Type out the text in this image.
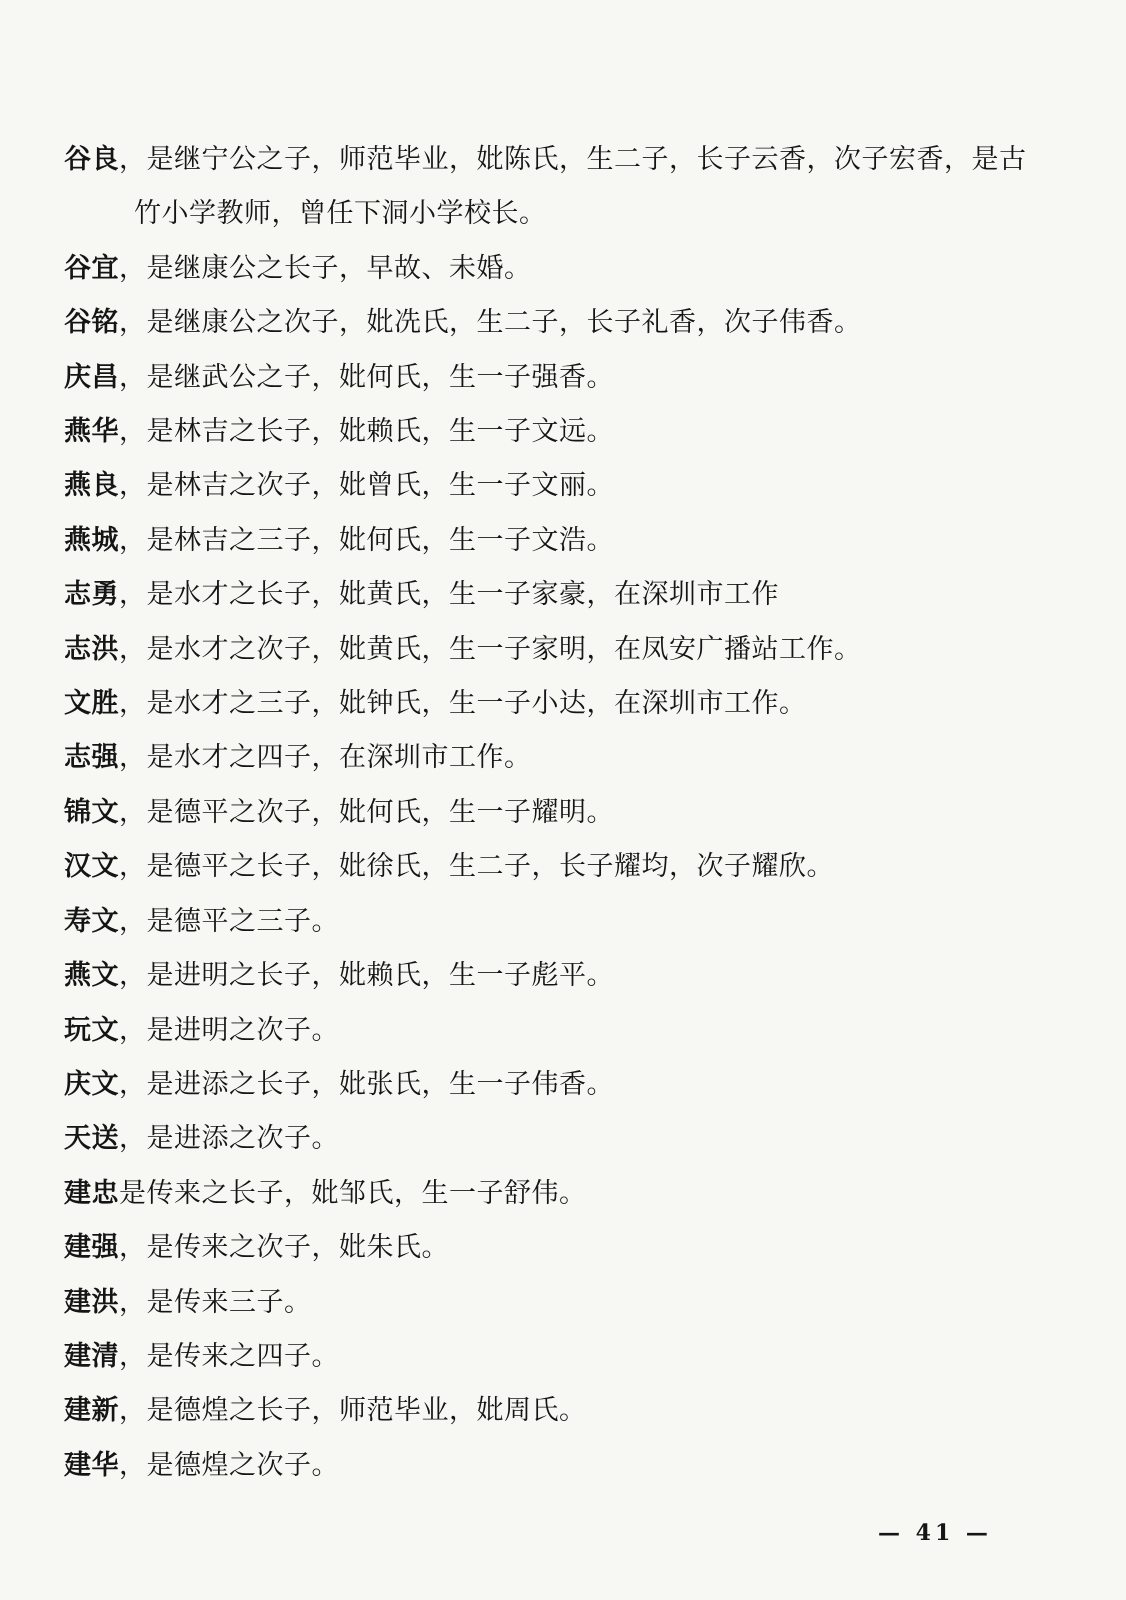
谷良，是继宁公之子，师范毕业，妣陈氏，生二子，长子云香，次子宏香，是古
竹小学教师，曾任下洞小学校长。
谷宜，是继康公之长子，早故、未婚。
谷铭，是继康公之次子，妣冼氏，生二子，长子礼香，次子伟香。
庆昌，是继武公之子，妣何氏，生一子强香。
燕华，是林吉之长子，妣赖氏，生一子文远。
燕良，是林吉之次子，妣曾氏，生一子文丽。
燕城，是林吉之三子，妣何氏，生一子文浩。
志勇，是水才之长子，妣黄氏，生一子家豪，在深圳市工作
志洪，是水才之次子，妣黄氏，生一子家明，在凤安广播站工作。
文胜，是水才之三子，妣钟氏，生一子小达，在深圳市工作。
志强，是水才之四子，在深圳市工作。
锦文，是德平之次子，妣何氏，生一子耀明。
汉文，是德平之长子，妣徐氏，生二子，长子耀均，次子耀欣。
寿文，是德平之三子。
燕文，是进明之长子，妣赖氏，生一子彪平。
玩文，是进明之次子。
庆文，是进添之长子，妣张氏，生一子伟香。
天送，是进添之次子。
建忠是传来之长子，妣邹氏，生一子舒伟。
建强，是传来之次子，妣朱氏。
建洪，是传来三子。
建清，是传来之四子。
建新，是德煌之长子，师范毕业，妣周氏。
建华，是德煌之次子。
— 41 —
